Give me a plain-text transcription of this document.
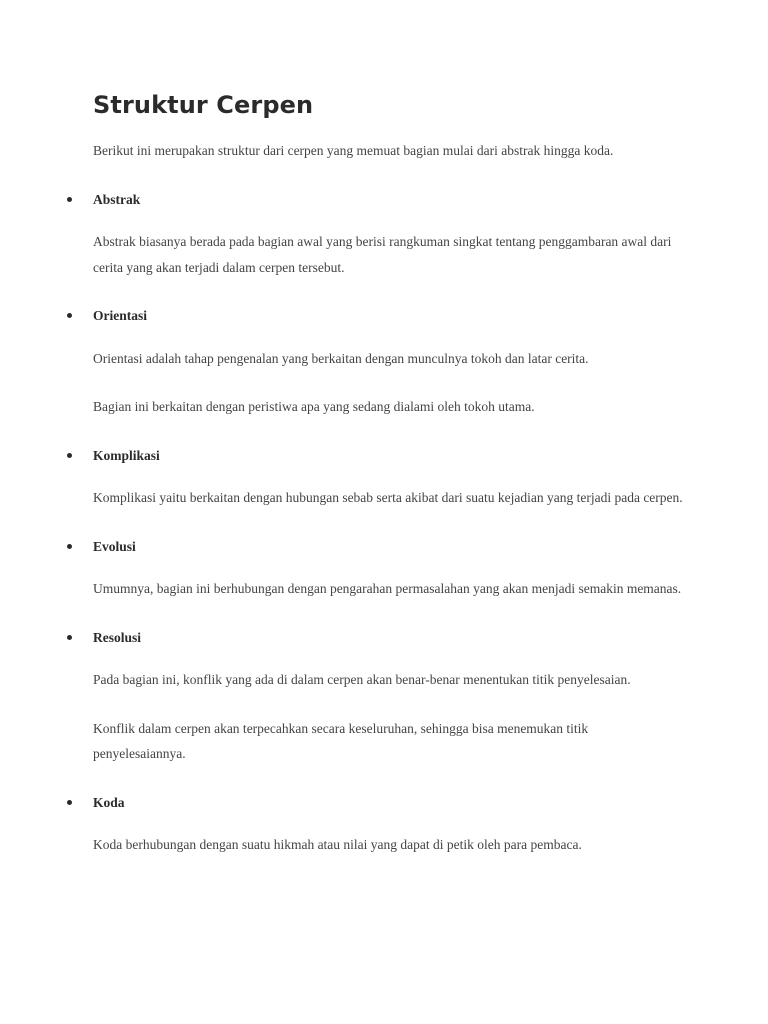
Struktur Cerpen

Berikut ini merupakan struktur dari cerpen yang memuat bagian mulai dari abstrak hingga koda.

Abstrak

Abstrak biasanya berada pada bagian awal yang berisi rangkuman singkat tentang penggambaran awal dari cerita yang akan terjadi dalam cerpen tersebut.

Orientasi

Orientasi adalah tahap pengenalan yang berkaitan dengan munculnya tokoh dan latar cerita.

Bagian ini berkaitan dengan peristiwa apa yang sedang dialami oleh tokoh utama.

Komplikasi

Komplikasi yaitu berkaitan dengan hubungan sebab serta akibat dari suatu kejadian yang terjadi pada cerpen.

Evolusi

Umumnya, bagian ini berhubungan dengan pengarahan permasalahan yang akan menjadi semakin memanas.

Resolusi

Pada bagian ini, konflik yang ada di dalam cerpen akan benar-benar menentukan titik penyelesaian.

Konflik dalam cerpen akan terpecahkan secara keseluruhan, sehingga bisa menemukan titik penyelesaiannya.

Koda

Koda berhubungan dengan suatu hikmah atau nilai yang dapat di petik oleh para pembaca.
